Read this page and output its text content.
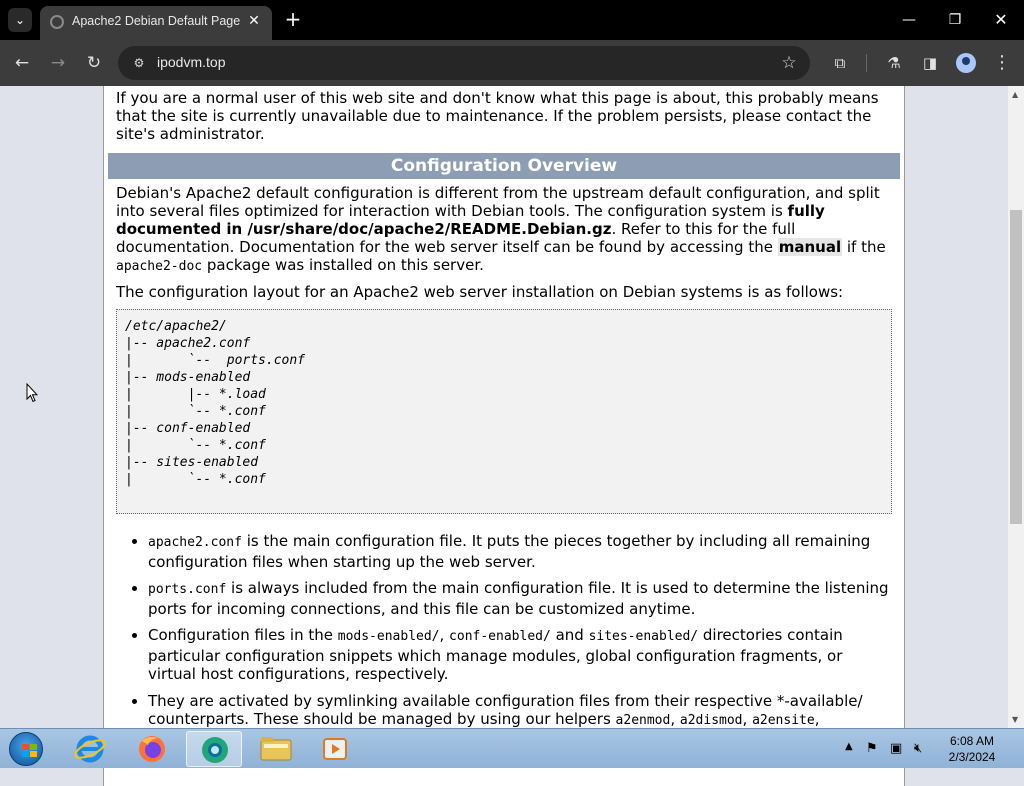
⌄	Apache2 Debian Default Page ✕ +	—	❐	✕
← → ↻	⚙ ipodvm.top	☆	⧉	⚗	◨	⋮

If you are a normal user of this web site and don't know what this page is about, this probably means that the site is currently unavailable due to maintenance. If the problem persists, please contact the site's administrator.

Configuration Overview

Debian's Apache2 default configuration is different from the upstream default configuration, and split into several files optimized for interaction with Debian tools. The configuration system is fully documented in /usr/share/doc/apache2/README.Debian.gz. Refer to this for the full documentation. Documentation for the web server itself can be found by accessing the manual if the apache2-doc package was installed on this server.

The configuration layout for an Apache2 web server installation on Debian systems is as follows:

/etc/apache2/
|-- apache2.conf
|       `--  ports.conf
|-- mods-enabled
|       |-- *.load
|       `-- *.conf
|-- conf-enabled
|       `-- *.conf
|-- sites-enabled
|       `-- *.conf
• apache2.conf is the main configuration file. It puts the pieces together by including all remaining configuration files when starting up the web server.
• ports.conf is always included from the main configuration file. It is used to determine the listening ports for incoming connections, and this file can be customized anytime.
• Configuration files in the mods-enabled/, conf-enabled/ and sites-enabled/ directories contain particular configuration snippets which manage modules, global configuration fragments, or virtual host configurations, respectively.
• They are activated by symlinking available configuration files from their respective *-available/ counterparts. These should be managed by using our helpers a2enmod, a2dismod, a2ensite,
▲
▼
▲	⚑ ▣ 🔇︎	6:08 AM
2/3/2024
